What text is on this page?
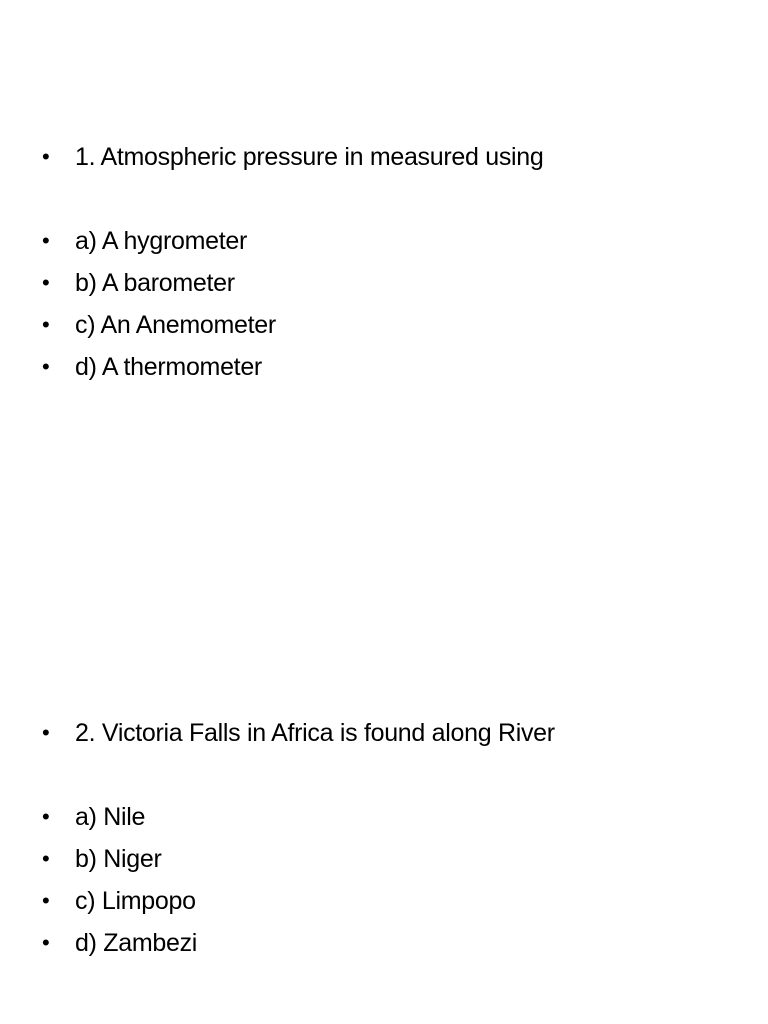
• 1. Atmospheric pressure in measured using
• a) A hygrometer
• b) A barometer
• c) An Anemometer
• d) A thermometer
• 2. Victoria Falls in Africa is found along River
• a) Nile
• b) Niger
• c) Limpopo
• d) Zambezi
